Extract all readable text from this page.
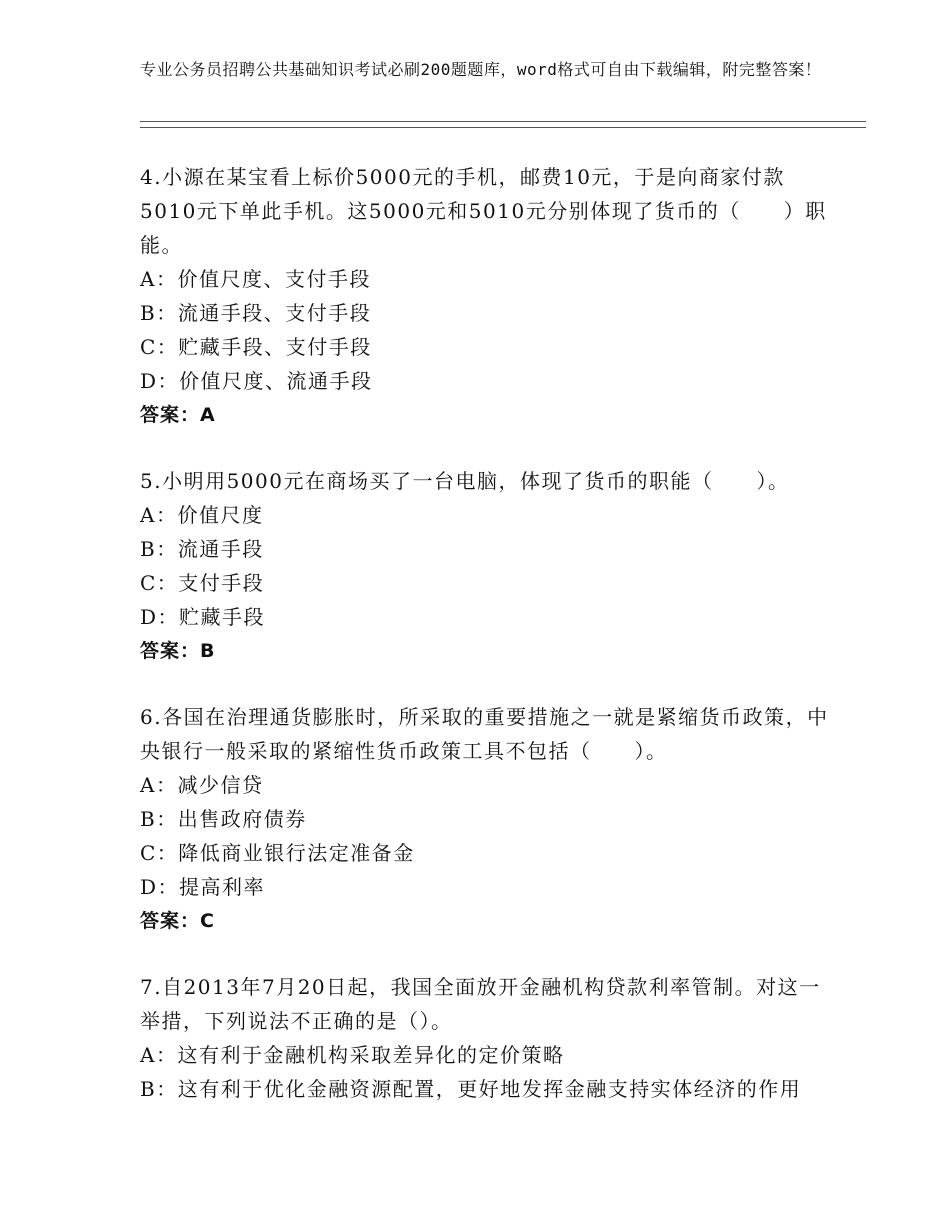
专业公务员招聘公共基础知识考试必刷200题题库，word格式可自由下载编辑，附完整答案！

4.小源在某宝看上标价5000元的手机，邮费10元，于是向商家付款5010元下单此手机。这5000元和5010元分别体现了货币的（　　）职能。

A：价值尺度、支付手段

B：流通手段、支付手段

C：贮藏手段、支付手段

D：价值尺度、流通手段

答案：A

5.小明用5000元在商场买了一台电脑，体现了货币的职能（　　）。

A：价值尺度

B：流通手段

C：支付手段

D：贮藏手段

答案：B

6.各国在治理通货膨胀时，所采取的重要措施之一就是紧缩货币政策，中央银行一般采取的紧缩性货币政策工具不包括（　　）。

A：减少信贷

B：出售政府债券

C：降低商业银行法定准备金

D：提高利率

答案：C

7.自2013年7月20日起，我国全面放开金融机构贷款利率管制。对这一举措，下列说法不正确的是（）。

A：这有利于金融机构采取差异化的定价策略

B：这有利于优化金融资源配置，更好地发挥金融支持实体经济的作用
